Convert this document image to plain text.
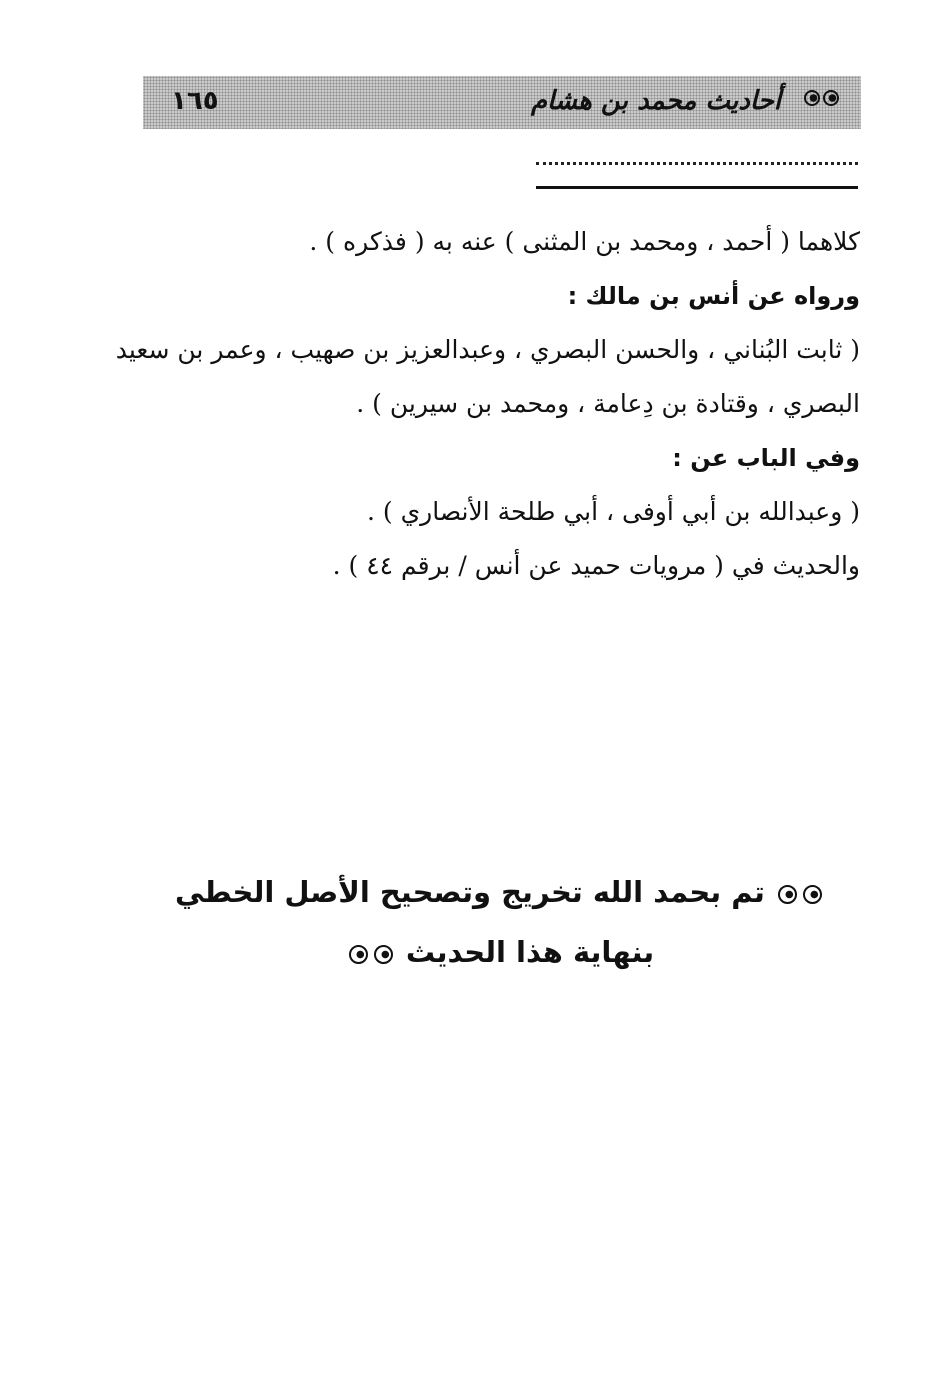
أحاديث محمد بن هشام
١٦٥

كلاهما ( أحمد ، ومحمد بن المثنى ) عنه به ( فذكره ) .

ورواه عن أنس بن مالك :

( ثابت البُناني ، والحسن البصري ، وعبدالعزيز بن صهيب ، وعمر بن سعيد

البصري ، وقتادة بن دِعامة ، ومحمد بن سيرين ) .

وفي الباب عن :

( وعبدالله بن أبي أوفى ، أبي طلحة الأنصاري ) .

والحديث في ( مرويات حميد عن أنس / برقم ٤٤ ) .

تم بحمد الله تخريج وتصحيح الأصل الخطي

بنهاية هذا الحديث
